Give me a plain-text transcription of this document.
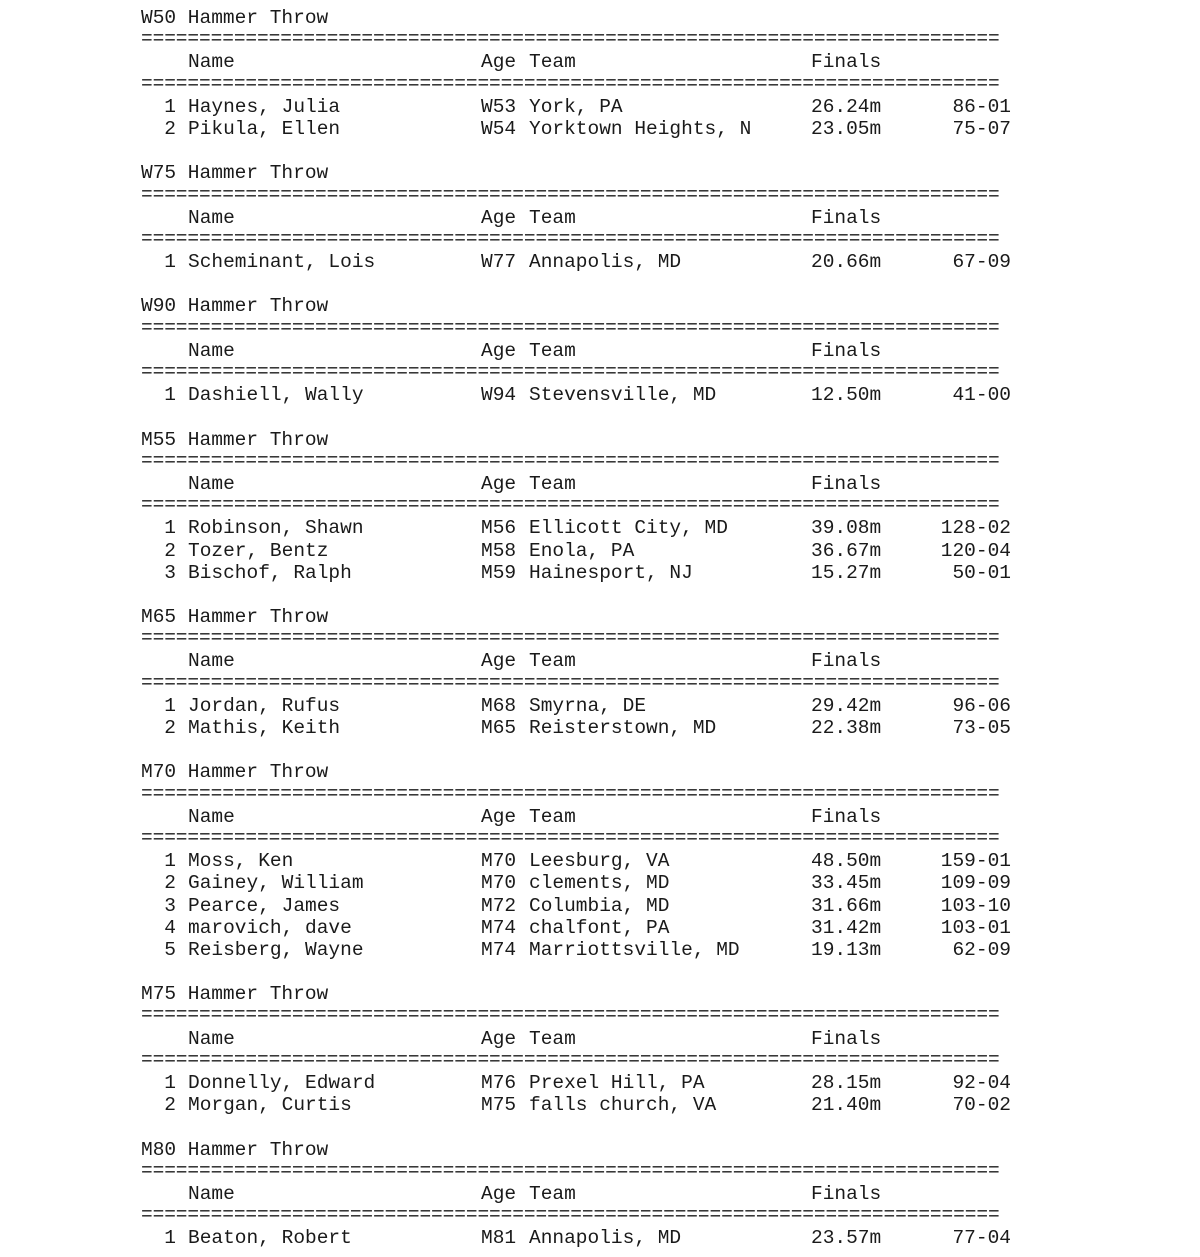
W50 Hammer Throw
==========================================================================
Name	Age Team	Finals
==========================================================================
1 Haynes, Julia	W53 York, PA	26.24m	86-01
2 Pikula, Ellen	W54 Yorktown Heights, N	23.05m	75-07
W75 Hammer Throw
==========================================================================
Name	Age Team	Finals
==========================================================================
1 Scheminant, Lois	W77 Annapolis, MD	20.66m	67-09
W90 Hammer Throw
==========================================================================
Name	Age Team	Finals
==========================================================================
1 Dashiell, Wally	W94 Stevensville, MD	12.50m	41-00
M55 Hammer Throw
==========================================================================
Name	Age Team	Finals
==========================================================================
1 Robinson, Shawn	M56 Ellicott City, MD	39.08m	128-02
2 Tozer, Bentz	M58 Enola, PA	36.67m	120-04
3 Bischof, Ralph	M59 Hainesport, NJ	15.27m	50-01
M65 Hammer Throw
==========================================================================
Name	Age Team	Finals
==========================================================================
1 Jordan, Rufus	M68 Smyrna, DE	29.42m	96-06
2 Mathis, Keith	M65 Reisterstown, MD	22.38m	73-05
M70 Hammer Throw
==========================================================================
Name	Age Team	Finals
==========================================================================
1 Moss, Ken	M70 Leesburg, VA	48.50m	159-01
2 Gainey, William	M70 clements, MD	33.45m	109-09
3 Pearce, James	M72 Columbia, MD	31.66m	103-10
4 marovich, dave	M74 chalfont, PA	31.42m	103-01
5 Reisberg, Wayne	M74 Marriottsville, MD	19.13m	62-09
M75 Hammer Throw
==========================================================================
Name	Age Team	Finals
==========================================================================
1 Donnelly, Edward	M76 Prexel Hill, PA	28.15m	92-04
2 Morgan, Curtis	M75 falls church, VA	21.40m	70-02
M80 Hammer Throw
==========================================================================
Name	Age Team	Finals
==========================================================================
1 Beaton, Robert	M81 Annapolis, MD	23.57m	77-04
